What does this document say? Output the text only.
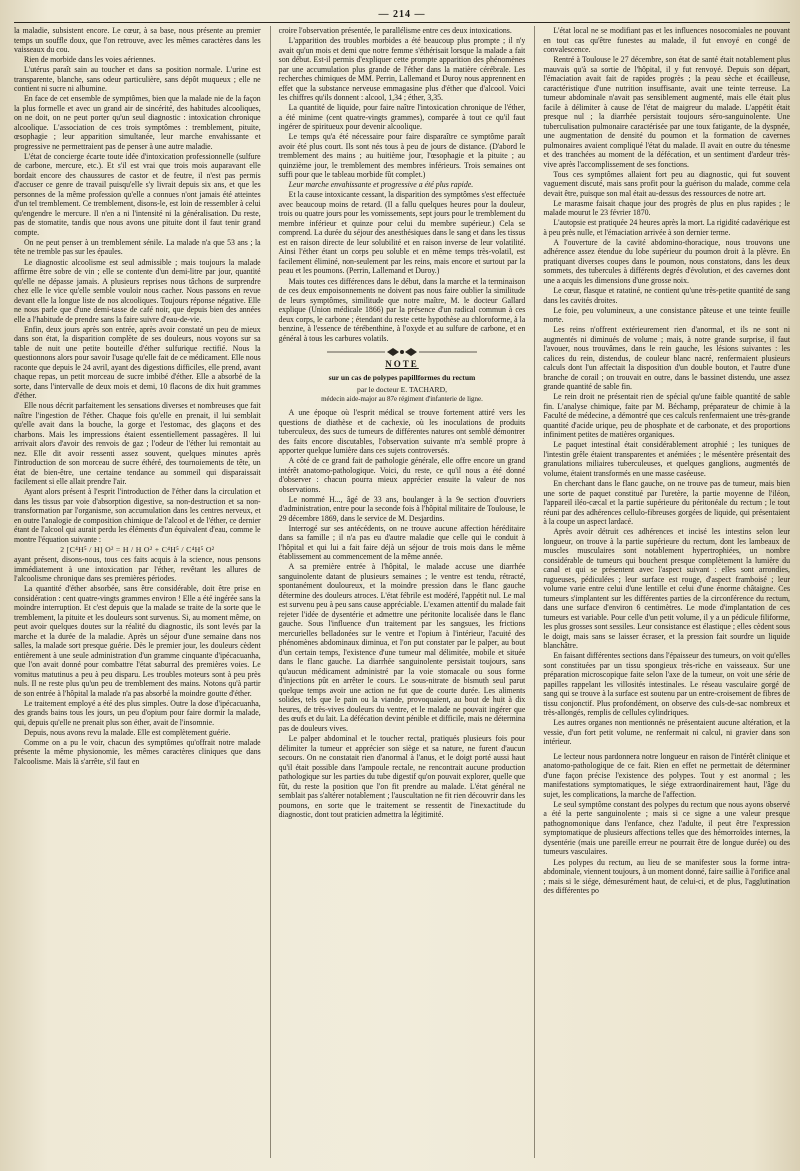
— 214 —

la maladie, subsistent encore. Le cœur, à sa base, nous présente au premier temps un souffle doux, que l'on retrouve, avec les mêmes caractères dans les vaisseaux du cou.

Rien de morbide dans les voies aériennes.

L'utérus paraît sain au toucher et dans sa position normale. L'urine est transparente, blanche, sans odeur particulière, sans dépôt muqueux ; elle ne contient ni sucre ni albumine.

En face de cet ensemble de symptômes, bien que la malade nie de la façon la plus formelle et avec un grand air de sincérité, des habitudes alcooliques, on ne doit, on ne peut porter qu'un seul diagnostic : intoxication chronique alcoolique. L'association de ces trois symptômes : tremblement, pituite, œsophagie ; leur apparition simultanée, leur marche envahissante et progressive ne permettraient pas de penser à une autre maladie.

L'état de concierge écarte toute idée d'intoxication professionnelle (sulfure de carbone, mercure, etc.). Et s'il est vrai que trois mois auparavant elle bordait encore des chaussures de castor et de feutre, il n'est pas permis d'accuser ce genre de travail puisqu'elle s'y livrait depuis six ans, et que les personnes de la même profession qu'elle a connues n'ont jamais été atteintes d'un tel tremblement. Ce tremblement, disons-le, est loin de ressembler à celui qu'engendre le mercure. Il n'en a ni l'intensité ni la généralisation. Du reste, pas de stomatite, tandis que nous avons une pituite dont il faut tenir grand compte.

On ne peut penser à un tremblement sénile. La malade n'a que 53 ans ; la tête ne tremble pas sur les épaules.

Le diagnostic alcoolisme est seul admissible ; mais toujours la malade affirme être sobre de vin ; elle se contente d'un demi-litre par jour, quantité qu'elle ne dépasse jamais. A plusieurs reprises nous tâchons de surprendre chez elle le vice qu'elle semble vouloir nous cacher. Nous passons en revue devant elle la longue liste de nos alcooliques. Toujours réponse négative. Elle ne nous parle que d'une demi-tasse de café noir, que depuis bien des années elle a l'habitude de prendre sans la faire suivre d'eau-de-vie.

Enfin, deux jours après son entrée, après avoir constaté un peu de mieux dans son état, la disparition complète de ses douleurs, nous voyons sur sa table de nuit une petite bouteille d'éther sulfurique rectifié. Nous la questionnons alors pour savoir l'usage qu'elle fait de ce médicament. Elle nous raconte que depuis le 24 avril, ayant des digestions difficiles, elle prend, avant chaque repas, un petit morceau de sucre imbibé d'éther. Elle a absorbé de la sorte, dans l'intervalle de deux mois et demi, 10 flacons de dix huit grammes d'éther.

Elle nous décrit parfaitement les sensations diverses et nombreuses que fait naître l'ingestion de l'éther. Chaque fois qu'elle en prenait, il lui semblait qu'elle avait dans la bouche, la gorge et l'estomac, des glaçons et des charbons. Mais les impressions étaient essentiellement passagères. Il lui arrivait alors d'avoir des renvois de gaz ; l'odeur de l'éther lui remontait au nez. Elle dit avoir ressenti assez souvent, quelques minutes après l'introduction de son morceau de sucre éthéré, des tournoiements de tête, un état de bien-être, une certaine tendance au sommeil qui disparaissait facilement si elle allait prendre l'air.

Ayant alors présent à l'esprit l'introduction de l'éther dans la circulation et dans les tissus par voie d'absorption digestive, sa non-destruction et sa non-transformation par l'organisme, son accumulation dans les centres nerveux, et en outre l'analogie de composition chimique de l'alcool et de l'éther, ce dernier étant de l'alcool qui aurait perdu les éléments d'un équivalent d'eau, comme le montre l'équation suivante :

2 [C⁴H⁵ / H] O² = H / H O² + C⁴H⁵ / C⁴H⁵ O²

ayant présent, disons-nous, tous ces faits acquis à la science, nous pensons immédiatement à une intoxication par l'éther, revêtant les allures de l'alcoolisme chronique dans ses premières périodes.

La quantité d'éther absorbée, sans être considérable, doit être prise en considération : cent quatre-vingts grammes environ ! Elle a été ingérée sans la moindre interruption. Et c'est depuis que la malade se traite de la sorte que le tremblement, la pituite et les douleurs sont survenus. Si, au moment même, on peut avoir quelques doutes sur la réalité du diagnostic, ils sont levés par la marche et la durée de la maladie. Après un séjour d'une semaine dans nos salles, la malade sort presque guérie. Dès le premier jour, les douleurs cèdent entièrement à une seule administration d'un gramme cinquante d'ipécacuanha, que l'on avait donné pour combattre l'état saburral des premières voies. Le vomitus matutinus a peu à peu disparu. Les troubles moteurs sont à peu près nuls. Il ne reste plus qu'un peu de tremblement des mains. Notons qu'à partir de son entrée à l'hôpital la malade n'a pas absorbé la moindre goutte d'éther.

Le traitement employé a été des plus simples. Outre la dose d'ipécacuanha, des grands bains tous les jours, un peu d'opium pour faire dormir la malade, qui, depuis qu'elle ne prenait plus son éther, avait de l'insomnie.

Depuis, nous avons revu la malade. Elle est complètement guérie.

Comme on a pu le voir, chacun des symptômes qu'offrait notre malade présente la même physionomie, les mêmes caractères cliniques que dans l'alcoolisme. Mais là s'arrête, s'il faut en

croire l'observation présentée, le parallélisme entre ces deux intoxications.

L'apparition des troubles morbides a été beaucoup plus prompte ; il n'y avait qu'un mois et demi que notre femme s'éthérisait lorsque la malade a fait son début. Est-il permis d'expliquer cette prompte apparition des phénomènes par une accumulation plus grande de l'éther dans la matière cérébrale. Les recherches chimiques de MM. Perrin, Lallemand et Duroy nous apprennent en effet que la substance nerveuse emmagasine plus d'éther que d'alcool. Voici les chiffres qu'ils donnent : alcool, 1,34 ; éther, 3,35.

La quantité de liquide, pour faire naître l'intoxication chronique de l'éther, a été minime (cent quatre-vingts grammes), comparée à tout ce qu'il faut ingérer de spiritueux pour devenir alcoolique.

Le temps qu'a été nécessaire pour faire disparaître ce symptôme paraît avoir été plus court. Ils sont nés tous à peu de jours de distance. (D'abord le tremblement des mains ; au huitième jour, l'œsophagie et la pituite ; au quinzième jour, le tremblement des membres inférieurs. Trois semaines ont suffi pour que le tableau morbide fût complet.)

Leur marche envahissante et progressive a été plus rapide.

Et la cause intoxicante cessant, la disparition des symptômes s'est effectuée avec beaucoup moins de retard. (Il a fallu quelques heures pour la douleur, trois ou quatre jours pour les vomissements, sept jours pour le tremblement du membre inférieur et quinze pour celui du membre supérieur.) Cela se comprend. La durée du séjour des anesthésiques dans le sang et dans les tissus est en raison directe de leur solubilité et en raison inverse de leur volatilité. Ainsi l'éther étant un corps peu soluble et en même temps très-volatil, est facilement éliminé, non-seulement par les reins, mais encore et surtout par la peau et les poumons. (Perrin, Lallemand et Duroy.)

Mais toutes ces différences dans le début, dans la marche et la terminaison de ces deux empoisonnements ne doivent pas nous faire oublier la similitude de leurs symptômes, similitude que notre maître, M. le docteur Gallard explique (Union médicale 1866) par la présence d'un radical commun à ces deux corps, le carbone ; étendant du reste cette hypothèse au chloroforme, à la benzine, à l'essence de térébenthine, à l'oxyde et au sulfure de carbone, et en général à tous les carbures volatils.

NOTE
sur un cas de polypes papillformes du rectum
par le docteur E. TACHARD,
médecin aide-major au 87e régiment d'infanterie de ligne.

A une époque où l'esprit médical se trouve fortement attiré vers les questions de diathèse et de cachexie, où les inoculations de produits tuberculeux, des sucs de tumeurs de différentes natures ont semblé démontrer des faits encore discutables, l'observation suivante m'a semblé propre à apporter quelque lumière dans ces sujets controversés.

A côté de ce grand fait de pathologie générale, elle offre encore un grand intérêt anatomo-pathologique. Voici, du reste, ce qu'il nous a été donné d'observer : chacun pourra mieux apprécier ensuite la valeur de nos observations.

Le nommé H..., âgé de 33 ans, boulanger à la 9e section d'ouvriers d'administration, entre pour la seconde fois à l'hôpital militaire de Toulouse, le 29 décembre 1869, dans le service de M. Desjardins.

Interrogé sur ses antécédents, on ne trouve aucune affection héréditaire dans sa famille ; il n'a pas eu d'autre maladie que celle qui le conduit à l'hôpital et qui lui a fait faire déjà un séjour de trois mois dans le même établissement au commencement de la même année.

A sa première entrée à l'hôpital, le malade accuse une diarrhée sanguinolente datant de plusieurs semaines ; le ventre est tendu, rétracté, spontanément douloureux, et la moindre pression dans le flanc gauche détermine des douleurs atroces. L'état fébrile est modéré, l'appétit nul. Le mal est survenu peu à peu sans cause appréciable. L'examen attentif du malade fait rejeter l'idée de dysentérie et admettre une péritonite localisée dans le flanc gauche. Sous l'influence d'un traitement par les sangsues, les frictions mercurielles belladonées sur le ventre et l'opium à l'intérieur, l'acuité des phénomènes abdominaux diminua, et l'on put constater par le palper, au bout d'un certain temps, l'existence d'une tumeur mal délimitée, mobile et située dans le flanc gauche. La diarrhée sanguinolente persistait toujours, sans qu'aucun médicament administré par la voie stomacale ou sous forme d'injections pût en arrêter le cours. Le sous-nitrate de bismuth seul parut quelque temps avoir une action ne fut que de courte durée. Les aliments solides, tels que le pain ou la viande, provoquaient, au bout de huit à dix heures, de très-vives douleurs du ventre, et le malade ne pouvait ingérer que des œufs et du lait. La défécation devint pénible et difficile, mais ne détermina pas de douleurs vives.

Le palper abdominal et le toucher rectal, pratiqués plusieurs fois pour délimiter la tumeur et apprécier son siège et sa nature, ne furent d'aucun secours. On ne constatait rien d'anormal à l'anus, et le doigt porté aussi haut qu'il était possible dans l'ampoule rectale, ne rencontrait aucune production pathologique sur les parties du tube digestif qu'on pouvait explorer, quelle que fût, du reste la position que l'on fit prendre au malade. L'état général ne semblait pas s'altérer notablement ; l'auscultation ne fit rien découvrir dans les poumons, en sorte que le traitement se ressentit de l'inexactitude du diagnostic, dont tout praticien admettra la légitimité.

L'état local ne se modifiant pas et les influences nosocomiales ne pouvant en tout cas qu'être funestes au malade, il fut envoyé en congé de convalescence.

Rentré à Toulouse le 27 décembre, son état de santé était notablement plus mauvais qu'à sa sortie de l'hôpital, il y fut renvoyé. Depuis son départ, l'émaciation avait fait de rapides progrès ; la peau sèche et écailleuse, caractéristique d'une nutrition insuffisante, avait une teinte terreuse. La tumeur abdominale n'avait pas sensiblement augmenté, mais elle était plus facile à délimiter à cause de l'état de maigreur du malade. L'appétit était presque nul ; la diarrhée persistait toujours séro-sanguinolente. Une tuberculisation pulmonaire caractérisée par une toux fatigante, de la dyspnée, une augmentation de densité du poumon et la formation de cavernes pulmonaires avaient compliqué l'état du malade. Il avait en outre du ténesme et des tranchées au moment de la défécation, et un sentiment d'ardeur très-vive après l'accomplissement de ses fonctions.

Tous ces symptômes allaient fort peu au diagnostic, qui fut souvent vaguement discuté, mais sans profit pour la guérison du malade, comme cela devait être, puisque son mal était au-dessus des ressources de notre art.

Le marasme faisait chaque jour des progrès de plus en plus rapides ; le malade mourut le 23 février 1870.

L'autopsie est pratiquée 24 heures après la mort. La rigidité cadavérique est à peu près nulle, et l'émaciation arrivée à son dernier terme.

A l'ouverture de la cavité abdomino-thoracique, nous trouvons une adhérence assez étendue du lobe supérieur du poumon droit à la plèvre. En pratiquant diverses coupes dans le poumon, nous constatons, dans les deux sommets, des tubercules à différents degrés d'évolution, et des cavernes dont une a acquis les dimensions d'une grosse noix.

Le cœur, flasque et ratatiné, ne contient qu'une très-petite quantité de sang dans les cavités droites.

Le foie, peu volumineux, a une consistance pâteuse et une teinte feuille morte.

Les reins n'offrent extérieurement rien d'anormal, et ils ne sont ni augmentés ni diminués de volume ; mais, à notre grande surprise, il faut l'avouer, nous trouvâmes, dans le rein gauche, les lésions suivantes : les calices du rein, distendus, de couleur blanc nacré, renfermaient plusieurs calculs dont l'un affectait la disposition d'un double bouton, et l'autre d'une branche de corail ; on trouvait en outre, dans le bassinet distendu, une assez grande quantité de sable fin.

Le rein droit ne présentait rien de spécial qu'une faible quantité de sable fin. L'analyse chimique, faite par M. Béchamp, préparateur de chimie à la Faculté de médecine, a démontré que ces calculs renfermaient une très-grande quantité d'acide urique, peu de phosphate et de carbonate, et des proportions infiniment petites de matières organiques.

Le paquet intestinal était considérablement atrophié ; les tuniques de l'intestin grêle étaient transparentes et anémiées ; le mésentère présentait des granulations miliaires tuberculeuses, et quelques ganglions, augmentés de volume, étaient transformés en une masse caséeuse.

En cherchant dans le flanc gauche, on ne trouve pas de tumeur, mais bien une sorte de paquet constitué par l'uretère, la partie moyenne de l'iléon, l'appareil iléo-cæcal et la partie supérieure du péritonéale du rectum ; le tout réuni par des adhérences cellulo-fibreuses gorgées de liquide, qui présentaient à la coupe un aspect lardacé.

Après avoir détruit ces adhérences et incisé les intestins selon leur longueur, on trouve à la partie supérieure du rectum, dont les lambeaux de muscles musculaires sont notablement hypertrophiées, un nombre considérable de tumeurs qui bouchent presque complètement la lumière du canal et qui se présentent avec l'aspect suivant : elles sont arrondies, rugueuses, pédiculées ; leur surface est rouge, d'aspect framboisé ; leur volume varie entre celui d'une lentille et celui d'une énorme châtaigne. Ces tumeurs s'implantent sur les différentes parties de la circonférence du rectum, dans une surface d'environ 6 centimètres. Le mode d'implantation de ces tumeurs est variable. Pour celle d'un petit volume, il y a un pédicule filiforme, les plus grosses sont sessiles. Leur consistance est élastique ; elles cèdent sous le doigt, mais sans se laisser écraser, et la pression fait sourdre un liquide blanchâtre.

En faisant différentes sections dans l'épaisseur des tumeurs, on voit qu'elles sont constituées par un tissu spongieux très-riche en vaisseaux. Sur une préparation microscopique faite selon l'axe de la tumeur, on voit une série de papilles rappelant les villosités intestinales. Le réseau vasculaire gorgé de sang qui se trouve à la surface est soutenu par un entre-croisement de fibres de tissu conjonctif. Plus profondément, on observe des culs-de-sac nombreux et très-allongés, remplis de cellules cylindriques.

Les autres organes non mentionnés ne présentaient aucune altération, et la vessie, d'un fort petit volume, ne renfermait ni calcul, ni gravier dans son intérieur.

Le lecteur nous pardonnera notre longueur en raison de l'intérêt clinique et anatomo-pathologique de ce fait. Rien en effet ne permettait de déterminer d'une façon précise l'existence des polypes. Tout y est anormal ; les manifestations symptomatiques, le siége extraordinairement haut, l'âge du sujet, les complications, la marche de l'affection.

Le seul symptôme constant des polypes du rectum que nous ayons observé a été la perte sanguinolente ; mais si ce signe a une valeur presque pathognomonique dans l'enfance, chez l'adulte, il peut être l'expression symptomatique de plusieurs affections telles que des hémorroïdes internes, la dysentérie (mais une pareille erreur ne pourrait être de longue durée) ou des tumeurs vasculaires.

Les polypes du rectum, au lieu de se manifester sous la forme intra-abdominale, viennent toujours, à un moment donné, faire saillie à l'orifice anal ; mais si le siége, démesurément haut, de celui-ci, et de plus, l'agglutination des différentes po
